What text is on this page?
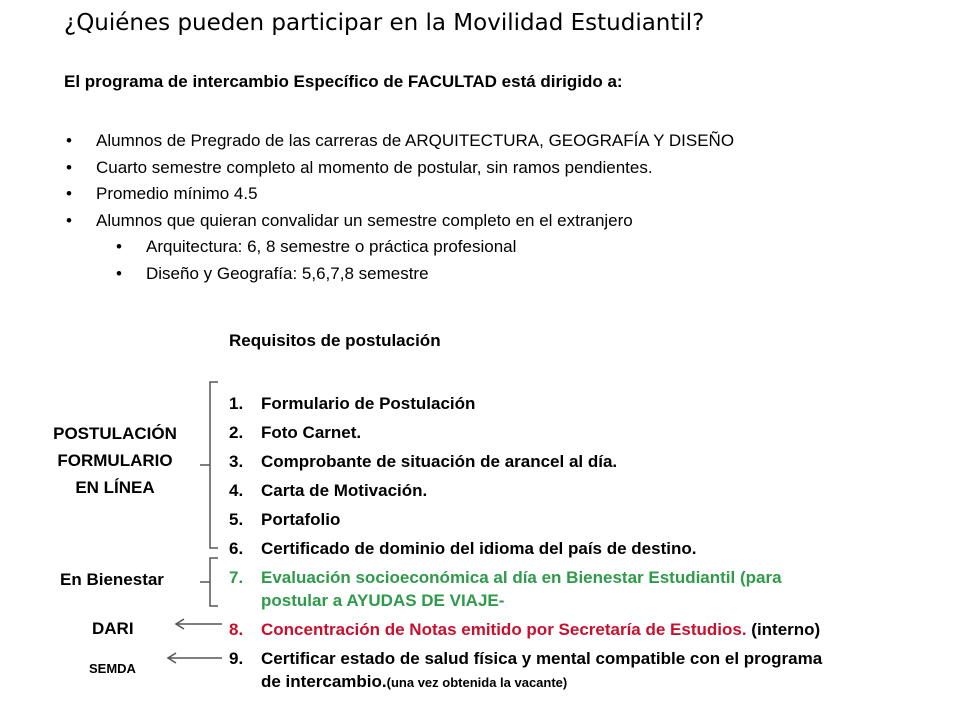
¿Quiénes pueden participar en la Movilidad Estudiantil?
El programa de intercambio Específico de FACULTAD está dirigido a:
•	Alumnos de Pregrado de las carreras de ARQUITECTURA, GEOGRAFÍA Y DISEÑO
•	Cuarto semestre completo al momento de postular, sin ramos pendientes.
•	Promedio mínimo 4.5
•	Alumnos que quieran convalidar un semestre completo en el extranjero
•	Arquitectura: 6, 8 semestre o práctica profesional
•	Diseño y Geografía: 5,6,7,8 semestre
Requisitos de postulación
1.	Formulario de Postulación
2.	Foto Carnet.
3.	Comprobante de situación de arancel al día.
4.	Carta de Motivación.
5.	Portafolio
6.	Certificado de dominio del idioma del país de destino.
7.	Evaluación socioeconómica al día en Bienestar Estudiantil (para
postular a AYUDAS DE VIAJE-
8.	Concentración de Notas emitido por Secretaría de Estudios. (interno)
9.	Certificar estado de salud física y mental compatible con el programa
de intercambio.(una vez obtenida la vacante)
POSTULACIÓN
FORMULARIO
EN LÍNEA
En Bienestar
DARI
SEMDA
